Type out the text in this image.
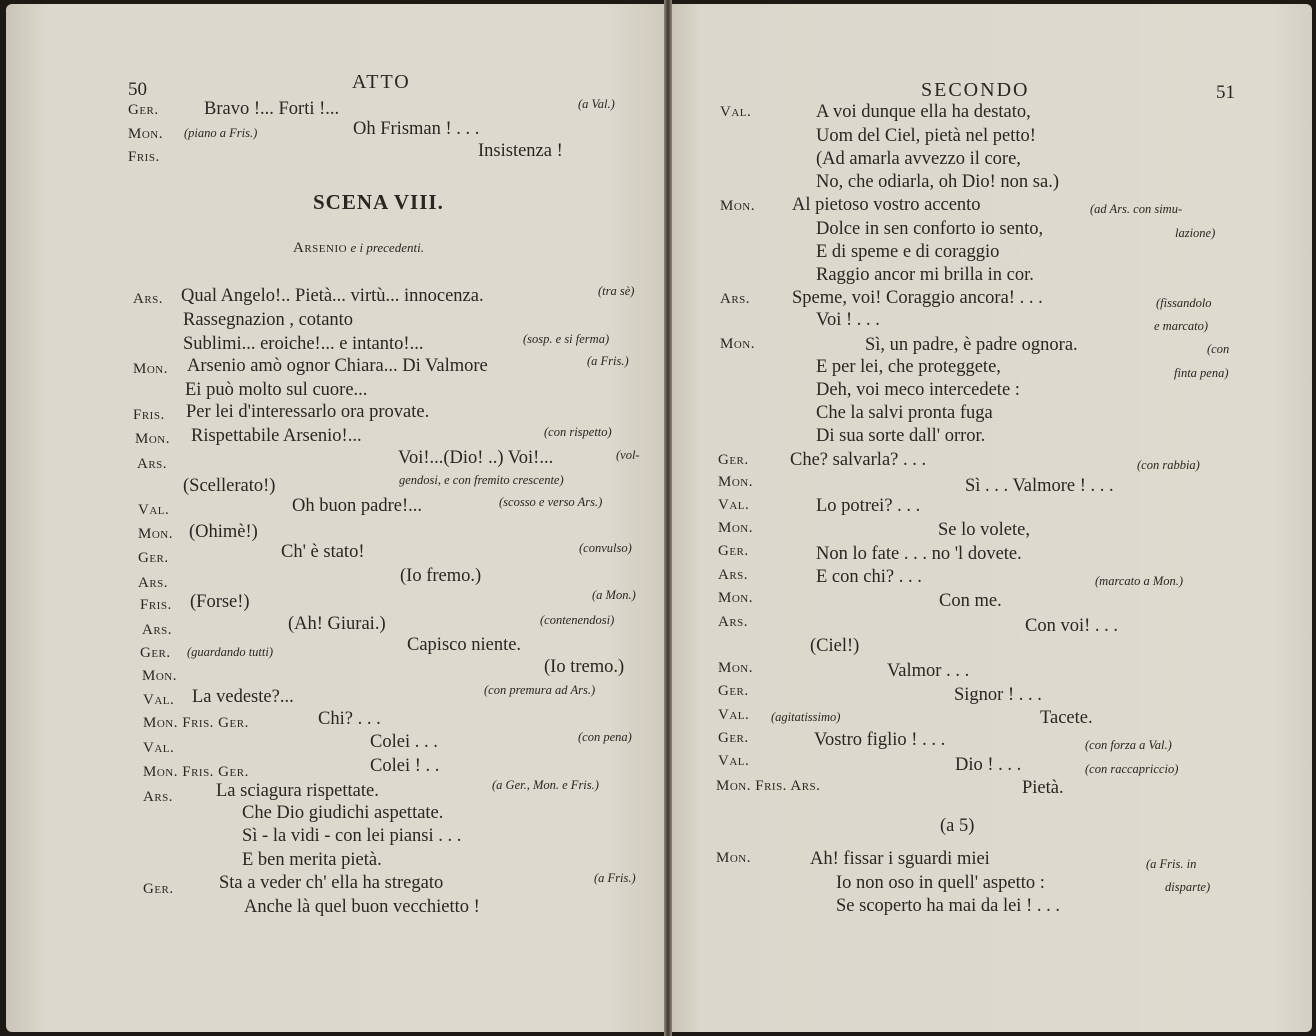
50	ATTO
Ger. Bravo !... Forti !...	(a Val.)
Mon. (piano a Fris.)	Oh Frisman ! . . .
Fris.	Insistenza !
SCENA VIII.
Arsenio e i precedenti.
Ars. Qual Angelo!.. Pietà... virtù... innocenza.	(tra sè)
Rassegnazion , cotanto
Sublimi... eroiche!... e intanto!...	(sosp. e si ferma)
Mon. Arsenio amò ognor Chiara... Di Valmore	(a Fris.)
Ei può molto sul cuore...
Fris. Per lei d'interessarlo ora provate.
Mon. Rispettabile Arsenio!...	(con rispetto)
Ars.	Voi!...(Dio! ..) Voi!...	(vol-
(Scellerato!)	gendosi, e con fremito crescente)
Val.	Oh buon padre!...	(scosso e verso Ars.)
Mon. (Ohimè!)
Ger.	Ch' è stato!	(convulso)
Ars.	(Io fremo.)
Fris. (Forse!)	(a Mon.)
Ars.	(Ah! Giurai.)	(contenendosi)
Ger. (guardando tutti)	Capisco niente.
Mon.	(Io tremo.)
Val. La vedeste?...	(con premura ad Ars.)
Mon. Fris. Ger.	Chi? . . .
Val.	Colei . . .	(con pena)
Mon. Fris. Ger.	Colei ! . .
Ars. La sciagura rispettate.	(a Ger., Mon. e Fris.)
Che Dio giudichi aspettate.
Sì - la vidi - con lei piansi . . .
E ben merita pietà.
Ger. Sta a veder ch' ella ha stregato	(a Fris.)
Anche là quel buon vecchietto !
SECONDO	51
Val.	A voi dunque ella ha destato,
Uom del Ciel, pietà nel petto!
(Ad amarla avvezzo il core,
No, che odiarla, oh Dio! non sa.)
Mon. Al pietoso vostro accento	(ad Ars. con simu-
Dolce in sen conforto io sento,	lazione)
E di speme e di coraggio
Raggio ancor mi brilla in cor.
Ars. Speme, voi! Coraggio ancora! . . .	(fissandolo
Voi ! . . .	e marcato)
Mon.	Sì, un padre, è padre ognora.	(con
E per lei, che proteggete,	finta pena)
Deh, voi meco intercedete :
Che la salvi pronta fuga
Di sua sorte dall' orror.
Ger. Che? salvarla? . . .	(con rabbia)
Mon.	Sì . . . Valmore ! . . .
Val.	Lo potrei? . . .
Mon.	Se lo volete,
Ger.	Non lo fate . . . no 'l dovete.
Ars.	E con chi? . . .	(marcato a Mon.)
Mon.	Con me.
Ars.	Con voi! . . .
(Ciel!)
Mon.	Valmor . . .
Ger.	Signor ! . . .
Val. (agitatissimo)	Tacete.
Ger.	Vostro figlio ! . . .	(con forza a Val.)
Val.	Dio ! . . .	(con raccapriccio)
Mon. Fris. Ars.	Pietà.
(a 5)
Mon.	Ah! fissar i sguardi miei	(a Fris. in
Io non oso in quell' aspetto :	disparte)
Se scoperto ha mai da lei ! . . .
